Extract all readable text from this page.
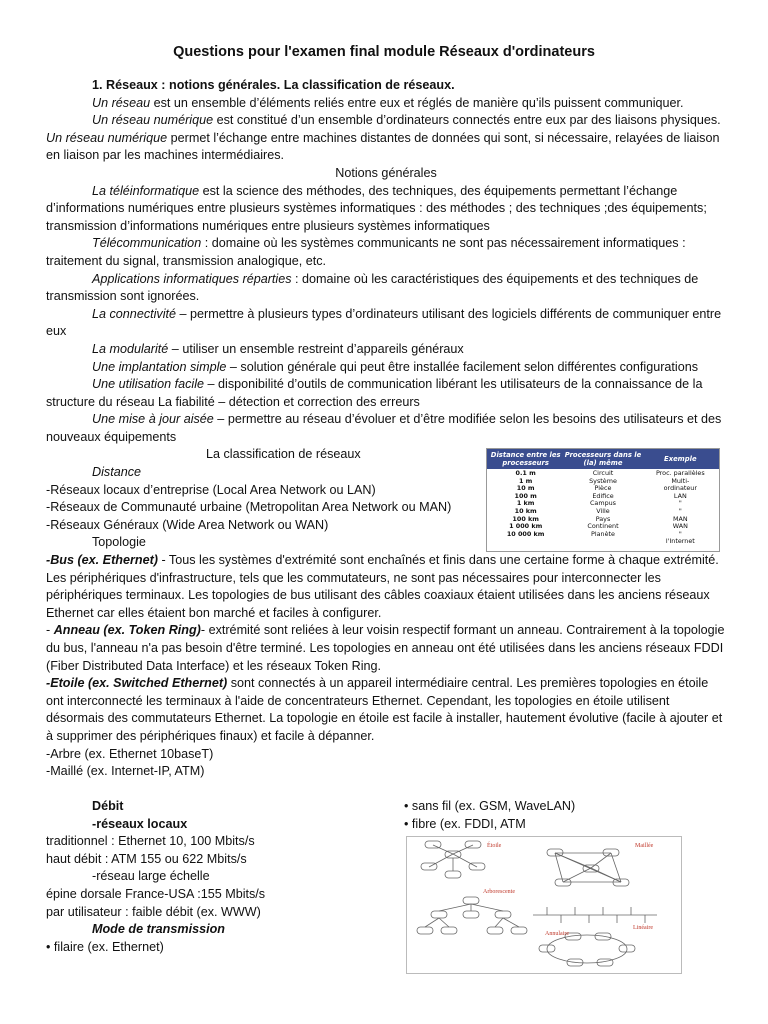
Questions pour l'examen final module Réseaux d'ordinateurs

1. Réseaux : notions générales. La classification de réseaux.

Un réseau est un ensemble d’éléments reliés entre eux et réglés de manière qu’ils puissent communiquer.

Un réseau numérique est constitué d’un ensemble d’ordinateurs connectés entre eux par des liaisons physiques. Un réseau numérique permet l’échange entre machines distantes de données qui sont, si nécessaire, relayées de liaison en liaison par les machines intermédiaires.

Notions générales

La téléinformatique est la science des méthodes, des techniques, des équipements permettant l’échange d’informations numériques entre plusieurs systèmes informatiques : des méthodes ; des techniques ;des équipements; transmission d’informations numériques entre plusieurs systèmes informatiques

Télécommunication : domaine où les systèmes communicants ne sont pas nécessairement informatiques : traitement du signal, transmission analogique, etc.

Applications informatiques réparties : domaine où les caractéristiques des équipements et des techniques de transmission sont ignorées.

La connectivité – permettre à plusieurs types d’ordinateurs utilisant des logiciels différents de communiquer entre eux

La modularité – utiliser un ensemble restreint d’appareils généraux

Une implantation simple – solution générale qui peut être installée facilement selon différentes configurations

Une utilisation facile – disponibilité d’outils de communication libérant les utilisateurs de la connaissance de la structure du réseau La fiabilité – détection et correction des erreurs

Une mise à jour aisée – permettre au réseau d’évoluer et d’être modifiée selon les besoins des utilisateurs et des nouveaux équipements

La classification de réseaux

Distance

-Réseaux locaux d’entreprise (Local Area Network ou LAN)

-Réseaux de Communauté urbaine (Metropolitan Area Network ou MAN)

-Réseaux Généraux (Wide Area Network ou WAN)

Topologie

-Bus (ex. Ethernet) - Tous les systèmes d'extrémité sont enchaînés et finis dans une certaine forme à chaque extrémité. Les périphériques d'infrastructure, tels que les commutateurs, ne sont pas nécessaires pour interconnecter les périphériques terminaux. Les topologies de bus utilisant des câbles coaxiaux étaient utilisées dans les anciens réseaux Ethernet car elles étaient bon marché et faciles à configurer.

- Anneau (ex. Token Ring)- extrémité sont reliées à leur voisin respectif formant un anneau. Contrairement à la topologie du bus, l'anneau n'a pas besoin d'être terminé. Les topologies en anneau ont été utilisées dans les anciens réseaux FDDI (Fiber Distributed Data Interface) et les réseaux Token Ring.

-Etoile (ex. Switched Ethernet) sont connectés à un appareil intermédiaire central. Les premières topologies en étoile ont interconnecté les terminaux à l'aide de concentrateurs Ethernet. Cependant, les topologies en étoile utilisent désormais des commutateurs Ethernet. La topologie en étoile est facile à installer, hautement évolutive (facile à ajouter et à supprimer des périphériques finaux) et facile à dépanner.

-Arbre (ex. Ethernet 10baseT)

-Maillé (ex. Internet-IP, ATM)

Distance entre les processeurs
Processeurs dans le (la) même	Exemple
0.1 m
1 m
10 m
100 m
1 km
10 km
100 km
1 000 km
10 000 km
Circuit
Système
Pièce
Edifice
Campus
Ville
Pays
Continent
Planète
Proc. parallèles
Multi-
ordinateur
LAN
"
"
MAN
WAN
"
l'Internet

Débit

-réseaux locaux

traditionnel : Ethernet 10, 100 Mbits/s

haut débit : ATM 155 ou 622 Mbits/s

-réseau large échelle

épine dorsale France-USA :155 Mbits/s

par utilisateur : faible débit (ex. WWW)

Mode de transmission

• filaire (ex. Ethernet)

• sans fil (ex. GSM, WaveLAN)

• fibre (ex. FDDI, ATM

Étoile	Maillée
Arborescente
Linéaire
Annulaire
